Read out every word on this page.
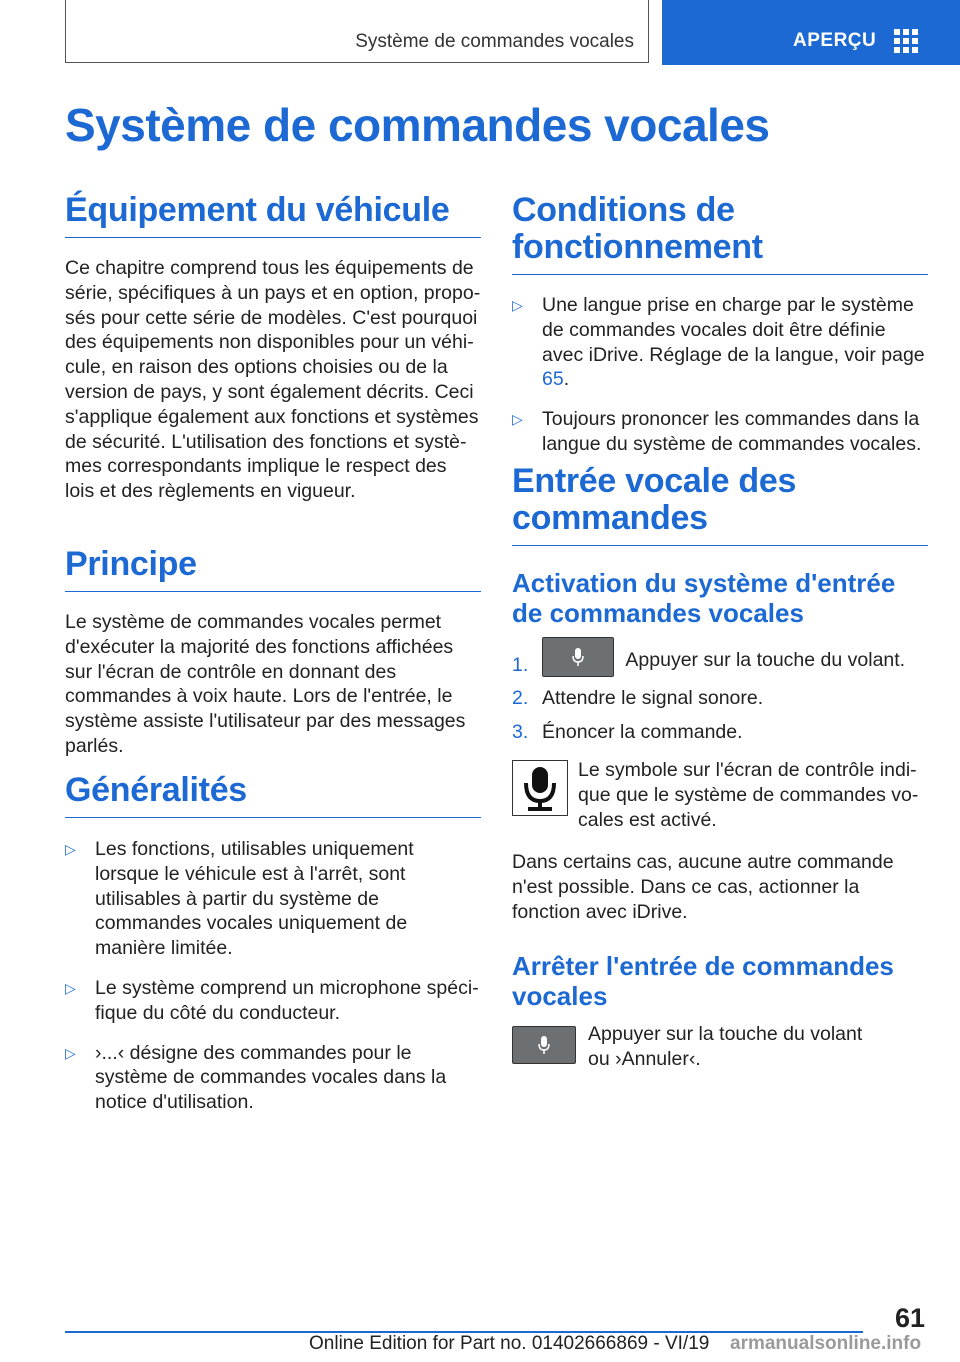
Système de commandes vocales	APERÇU
Système de commandes vocales
Équipement du véhicule

Ce chapitre comprend tous les équipements de série, spécifiques à un pays et en option, proposés pour cette série de modèles. C'est pourquoi des équipements non disponibles pour un véhicule, en raison des options choisies ou de la version de pays, y sont également décrits. Ceci s'applique également aux fonctions et systèmes de sécurité. L'utilisation des fonctions et systèmes correspondants implique le respect des lois et des règlements en vigueur.

Principe

Le système de commandes vocales permet d'exécuter la majorité des fonctions affichées sur l'écran de contrôle en donnant des commandes à voix haute. Lors de l'entrée, le système assiste l'utilisateur par des messages parlés.

Généralités
▷ Les fonctions, utilisables uniquement lorsque le véhicule est à l'arrêt, sont utilisables à partir du système de commandes vocales uniquement de manière limitée.
▷ Le système comprend un microphone spécifique du côté du conducteur.
▷ ›...‹ désigne des commandes pour le système de commandes vocales dans la notice d'utilisation.
Conditions de fonctionnement
▷ Une langue prise en charge par le système de commandes vocales doit être définie avec iDrive. Réglage de la langue, voir page 65.
▷ Toujours prononcer les commandes dans la langue du système de commandes vocales.
Entrée vocale des commandes
Activation du système d'entrée de commandes vocales
1.	Appuyer sur la touche du volant.
2. Attendre le signal sonore.
3. Énoncer la commande.

Le symbole sur l'écran de contrôle indique que le système de commandes vocales est activé.

Dans certains cas, aucune autre commande n'est possible. Dans ce cas, actionner la fonction avec iDrive.

Arrêter l'entrée de commandes vocales

Appuyer sur la touche du volant ou ›Annuler‹.

61
Online Edition for Part no. 01402666869 - VI/19 armanualsonline.info
